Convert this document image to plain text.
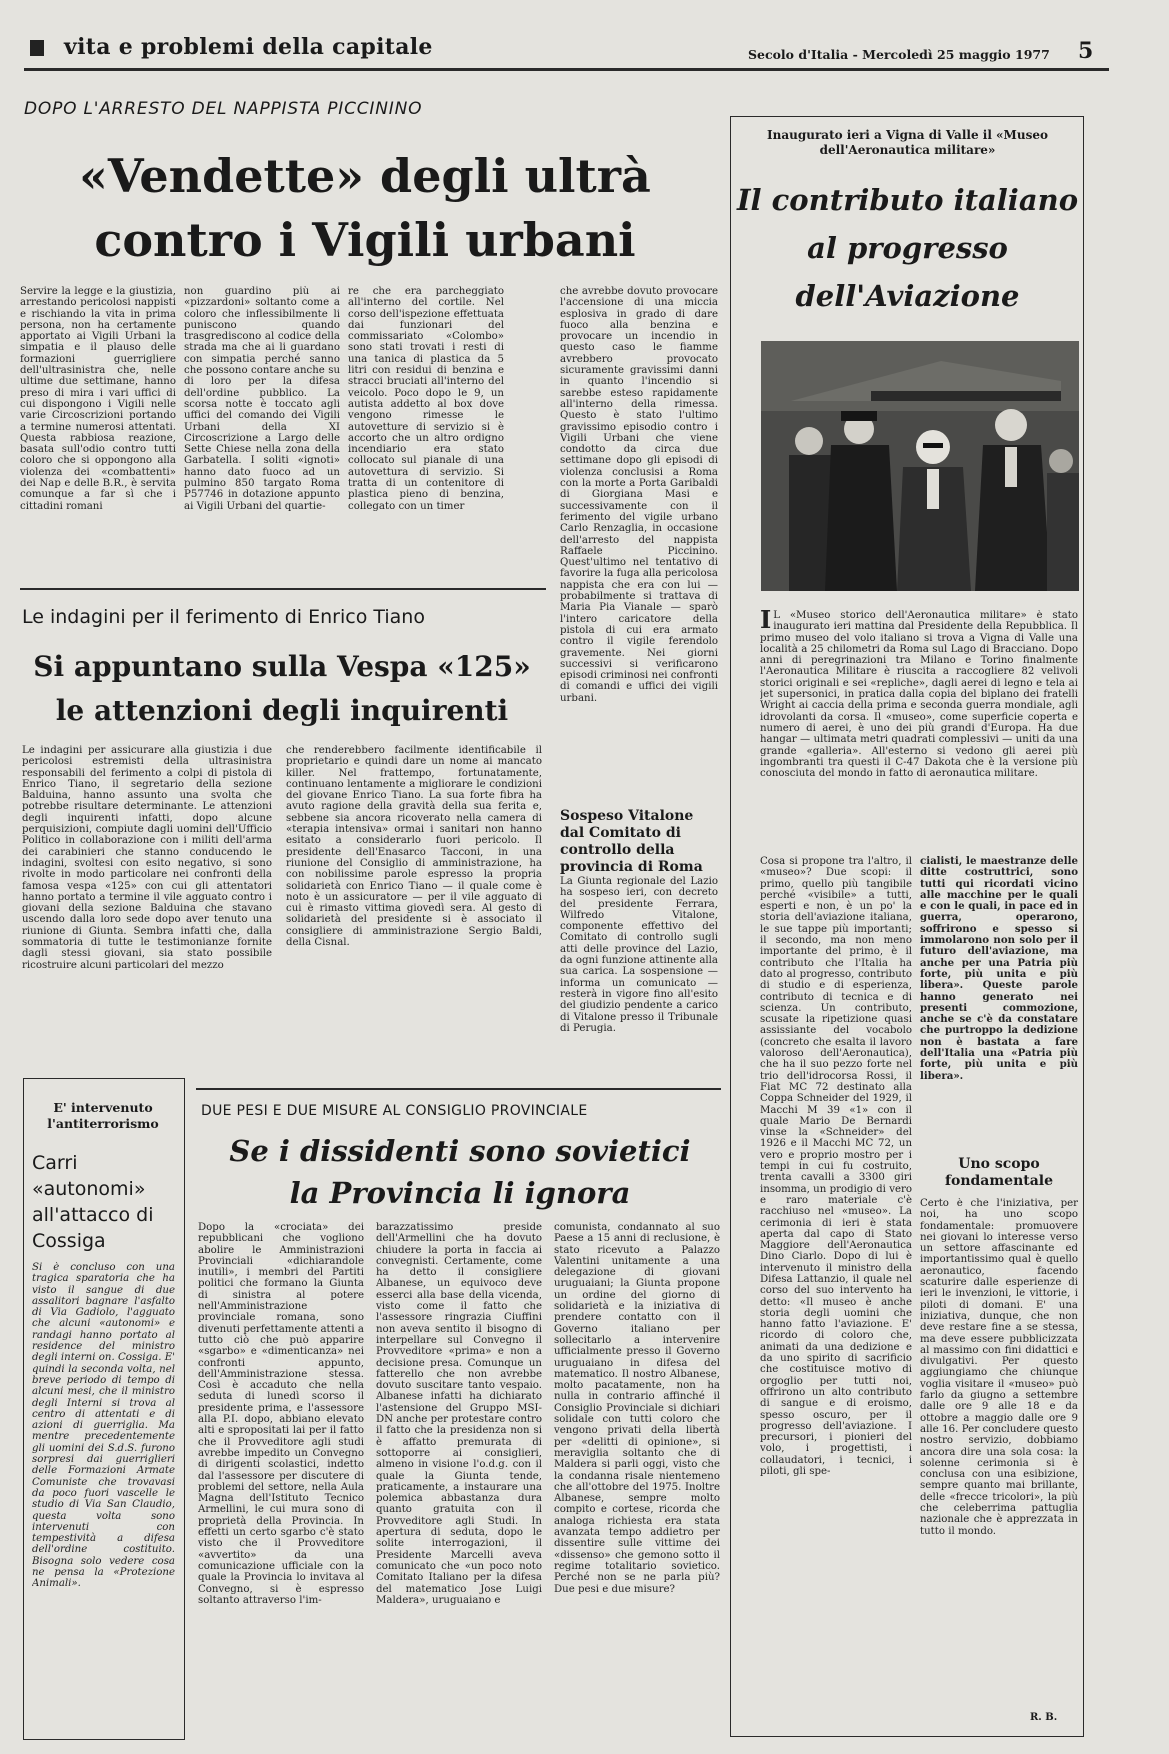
vita e problemi della capitale	Secolo d'Italia - Mercoledì 25 maggio 1977 5
DOPO L'ARRESTO DEL NAPPISTA PICCININO
«Vendette» degli ultrà
contro i Vigili urbani
Servire la legge e la giustizia, arrestando pericolosi nappisti e rischiando la vita in prima persona, non ha certamente apportato ai Vigili Urbani la simpatia e il plauso delle formazioni guerrigliere dell'ultrasinistra che, nelle ultime due settimane, hanno preso di mira i vari uffici di cui dispongono i Vigili nelle varie Circoscrizioni portando a termine numerosi attentati. Questa rabbiosa reazione, basata sull'odio contro tutti coloro che si oppongono alla violenza dei «combattenti» dei Nap e delle B.R., è servita comunque a far sì che i cittadini romani
non guardino più ai «pizzardoni» soltanto come a coloro che inflessibilmente li puniscono quando trasgrediscono al codice della strada ma che ai li guardano con simpatia perché sanno che possono contare anche su di loro per la difesa dell'ordine pubblico. La scorsa notte è toccato agli uffici del comando dei Vigili Urbani della XI Circoscrizione a Largo delle Sette Chiese nella zona della Garbatella. I soliti «ignoti» hanno dato fuoco ad un pulmino 850 targato Roma P57746 in dotazione appunto ai Vigili Urbani del quartie-
re che era parcheggiato all'interno del cortile. Nel corso dell'ispezione effettuata dai funzionari del commissariato «Colombo» sono stati trovati i resti di una tanica di plastica da 5 litri con residui di benzina e stracci bruciati all'interno del veicolo. Poco dopo le 9, un autista addetto al box dove vengono rimesse le autovetture di servizio si è accorto che un altro ordigno incendiario era stato collocato sul pianale di una autovettura di servizio. Si tratta di un contenitore di plastica pieno di benzina, collegato con un timer
che avrebbe dovuto provocare l'accensione di una miccia esplosiva in grado di dare fuoco alla benzina e provocare un incendio in questo caso le fiamme avrebbero provocato sicuramente gravissimi danni in quanto l'incendio si sarebbe esteso rapidamente all'interno della rimessa. Questo è stato l'ultimo gravissimo episodio contro i Vigili Urbani che viene condotto da circa due settimane dopo gli episodi di violenza conclusisi a Roma con la morte a Porta Garibaldi di Giorgiana Masi e successivamente con il ferimento del vigile urbano Carlo Renzaglia, in occasione dell'arresto del nappista Raffaele Piccinino. Quest'ultimo nel tentativo di favorire la fuga alla pericolosa nappista che era con lui — probabilmente si trattava di Maria Pia Vianale — sparò l'intero caricatore della pistola di cui era armato contro il vigile ferendolo gravemente. Nei giorni successivi si verificarono episodi criminosi nei confronti di comandi e uffici dei vigili urbani.
Le indagini per il ferimento di Enrico Tiano
Si appuntano sulla Vespa «125»
le attenzioni degli inquirenti
Le indagini per assicurare alla giustizia i due pericolosi estremisti della ultrasinistra responsabili del ferimento a colpi di pistola di Enrico Tiano, il segretario della sezione Balduina, hanno assunto una svolta che potrebbe risultare determinante. Le attenzioni degli inquirenti infatti, dopo alcune perquisizioni, compiute dagli uomini dell'Ufficio Politico in collaborazione con i militi dell'arma dei carabinieri che stanno conducendo le indagini, svoltesi con esito negativo, si sono rivolte in modo particolare nei confronti della famosa vespa «125» con cui gli attentatori hanno portato a termine il vile agguato contro i giovani della sezione Balduina che stavano uscendo dalla loro sede dopo aver tenuto una riunione di Giunta. Sembra infatti che, dalla sommatoria di tutte le testimonianze fornite dagli stessi giovani, sia stato possibile ricostruire alcuni particolari del mezzo
che renderebbero facilmente identificabile il proprietario e quindi dare un nome ai mancato killer. Nel frattempo, fortunatamente, continuano lentamente a migliorare le condizioni del giovane Enrico Tiano. La sua forte fibra ha avuto ragione della gravità della sua ferita e, sebbene sia ancora ricoverato nella camera di «terapia intensiva» ormai i sanitari non hanno esitato a considerarlo fuori pericolo. Il presidente dell'Enasarco Tacconi, in una riunione del Consiglio di amministrazione, ha con nobilissime parole espresso la propria solidarietà con Enrico Tiano — il quale come è noto è un assicuratore — per il vile agguato di cui è rimasto vittima giovedì sera. Al gesto di solidarietà del presidente si è associato il consigliere di amministrazione Sergio Baldi, della Cisnal.
Sospeso Vitalone dal Comitato di controllo della provincia di Roma
La Giunta regionale del Lazio ha sospeso ieri, con decreto del presidente Ferrara, Wilfredo Vitalone, componente effettivo del Comitato di controllo sugli atti delle province del Lazio, da ogni funzione attinente alla sua carica. La sospensione — informa un comunicato — resterà in vigore fino all'esito del giudizio pendente a carico di Vitalone presso il Tribunale di Perugia.
Inaugurato ieri a Vigna di Valle il «Museo dell'Aeronautica militare»
Il contributo italiano
al progresso
dell'Aviazione
I L «Museo storico dell'Aeronautica militare» è stato inaugurato ieri mattina dal Presidente della Repubblica. Il primo museo del volo italiano si trova a Vigna di Valle una località a 25 chilometri da Roma sul Lago di Bracciano. Dopo anni di peregrinazioni tra Milano e Torino finalmente l'Aeronautica Militare è riuscita a raccogliere 82 velivoli storici originali e sei «repliche», dagli aerei di legno e tela ai jet supersonici, in pratica dalla copia del biplano dei fratelli Wright ai caccia della prima e seconda guerra mondiale, agli idrovolanti da corsa. Il «museo», come superficie coperta e numero di aerei, è uno dei più grandi d'Europa. Ha due hangar — ultimata metri quadrati complessivi — uniti da una grande «galleria». All'esterno si vedono gli aerei più ingombranti tra questi il C-47 Dakota che è la versione più conosciuta del mondo in fatto di aeronautica militare.
Cosa si propone tra l'altro, il «museo»? Due scopi: il primo, quello più tangibile perché «visibile» a tutti, esperti e non, è un po' la storia dell'aviazione italiana, le sue tappe più importanti; il secondo, ma non meno importante del primo, è il contributo che l'Italia ha dato al progresso, contributo di studio e di esperienza, contributo di tecnica e di scienza. Un contributo, scusate la ripetizione quasi assissiante del vocabolo (concreto che esalta il lavoro valoroso dell'Aeronautica), che ha il suo pezzo forte nel trio dell'idrocorsa Rossi, il Fiat MC 72 destinato alla Coppa Schneider del 1929, il Macchi M 39 «1» con il quale Mario De Bernardi vinse la «Schneider» del 1926 e il Macchi MC 72, un vero e proprio mostro per i tempi in cui fu costruito, trenta cavalli a 3300 giri insomma, un prodigio di vero e raro materiale c'è racchiuso nel «museo». La cerimonia di ieri è stata aperta dal capo di Stato Maggiore dell'Aeronautica Dino Ciarlo. Dopo di lui è intervenuto il ministro della Difesa Lattanzio, il quale nel corso del suo intervento ha detto: «Il museo è anche storia degli uomini che hanno fatto l'aviazione. E' ricordo di coloro che, animati da una dedizione e da uno spirito di sacrificio che costituisce motivo di orgoglio per tutti noi, offrirono un alto contributo di sangue e di eroismo, spesso oscuro, per il progresso dell'aviazione. I precursori, i pionieri del volo, i progettisti, i collaudatori, i tecnici, i piloti, gli spe-
cialisti, le maestranze delle ditte costruttrici, sono tutti qui ricordati vicino alle macchine per le quali e con le quali, in pace ed in guerra, operarono, soffrirono e spesso si immolarono non solo per il futuro dell'aviazione, ma anche per una Patria più forte, più unita e più libera». Queste parole hanno generato nei presenti commozione, anche se c'è da constatare che purtroppo la dedizione non è bastata a fare dell'Italia una «Patria più forte, più unita e più libera».
Uno scopo fondamentale
Certo è che l'iniziativa, per noi, ha uno scopo fondamentale: promuovere nei giovani lo interesse verso un settore affascinante ed importantissimo qual è quello aeronautico, facendo scaturire dalle esperienze di ieri le invenzioni, le vittorie, i piloti di domani. E' una iniziativa, dunque, che non deve restare fine a se stessa, ma deve essere pubblicizzata al massimo con fini didattici e divulgativi. Per questo aggiungiamo che chiunque voglia visitare il «museo» può farlo da giugno a settembre dalle ore 9 alle 18 e da ottobre a maggio dalle ore 9 alle 16. Per concludere questo nostro servizio, dobbiamo ancora dire una sola cosa: la solenne cerimonia si è conclusa con una esibizione, sempre quanto mai brillante, delle «frecce tricolori», la più che celeberrima pattuglia nazionale che è apprezzata in tutto il mondo.
R. B.
E' intervenuto l'antiterrorismo
Carri «autonomi» all'attacco di Cossiga
Si è concluso con una tragica sparatoria che ha visto il sangue di due assalitori bagnare l'asfalto di Via Gadiolo, l'agguato che alcuni «autonomi» e randagi hanno portato al residence del ministro degli interni on. Cossiga. E' quindi la seconda volta, nel breve periodo di tempo di alcuni mesi, che il ministro degli Interni si trova al centro di attentati e di azioni di guerriglia. Ma mentre precedentemente gli uomini dei S.d.S. furono sorpresi dai guerriglieri delle Formazioni Armate Comuniste che trovavasi da poco fuori vascelle le studio di Via San Claudio, questa volta sono intervenuti con tempestività a difesa dell'ordine costituito. Bisogna solo vedere cosa ne pensa la «Protezione Animali».
DUE PESI E DUE MISURE AL CONSIGLIO PROVINCIALE
Se i dissidenti sono sovietici
la Provincia li ignora
Dopo la «crociata» dei repubblicani che vogliono abolire le Amministrazioni Provinciali «dichiarandole inutili», i membri del Partiti politici che formano la Giunta di sinistra al potere nell'Amministrazione provinciale romana, sono divenuti perfettamente attenti a tutto ciò che può apparire «sgarbo» e «dimenticanza» nei confronti appunto, dell'Amministrazione stessa. Così è accaduto che nella seduta di lunedì scorso il presidente prima, e l'assessore alla P.I. dopo, abbiano elevato alti e spropositati lai per il fatto che il Provveditore agli studi avrebbe impedito un Convegno di dirigenti scolastici, indetto dal l'assessore per discutere di problemi del settore, nella Aula Magna dell'Istituto Tecnico Armellini, le cui mura sono di proprietà della Provincia. In effetti un certo sgarbo c'è stato visto che il Provveditore «avvertito» da una comunicazione ufficiale con la quale la Provincia lo invitava al Convegno, si è espresso soltanto attraverso l'im-
barazzatissimo preside dell'Armellini che ha dovuto chiudere la porta in faccia ai convegnisti. Certamente, come ha detto il consigliere Albanese, un equivoco deve esserci alla base della vicenda, visto come il fatto che l'assessore ringrazia Ciuffini non aveva sentito il bisogno di interpellare sul Convegno il Provveditore «prima» e non a decisione presa. Comunque un fatterello che non avrebbe dovuto suscitare tanto vespaio. Albanese infatti ha dichiarato l'astensione del Gruppo MSI-DN anche per protestare contro il fatto che la presidenza non si è affatto premurata di sottoporre ai consiglieri, almeno in visione l'o.d.g. con il quale la Giunta tende, praticamente, a instaurare una polemica abbastanza dura quanto gratuita con il Provveditore agli Studi. In apertura di seduta, dopo le solite interrogazioni, il Presidente Marcelli aveva comunicato che «un poco noto Comitato Italiano per la difesa del matematico Jose Luigi Maldera», uruguaiano e
comunista, condannato al suo Paese a 15 anni di reclusione, è stato ricevuto a Palazzo Valentini unitamente a una delegazione di giovani uruguaiani; la Giunta propone un ordine del giorno di solidarietà e la iniziativa di prendere contatto con il Governo italiano per sollecitarlo a intervenire ufficialmente presso il Governo uruguaiano in difesa del matematico. Il nostro Albanese, molto pacatamente, non ha nulla in contrario affinché il Consiglio Provinciale si dichiari solidale con tutti coloro che vengono privati della libertà per «delitti di opinione», si meraviglia soltanto che di Maldera si parli oggi, visto che la condanna risale nientemeno che all'ottobre del 1975. Inoltre Albanese, sempre molto compito e cortese, ricorda che analoga richiesta era stata avanzata tempo addietro per dissentire sulle vittime dei «dissenso» che gemono sotto il regime totalitario sovietico. Perché non se ne parla più? Due pesi e due misure?
